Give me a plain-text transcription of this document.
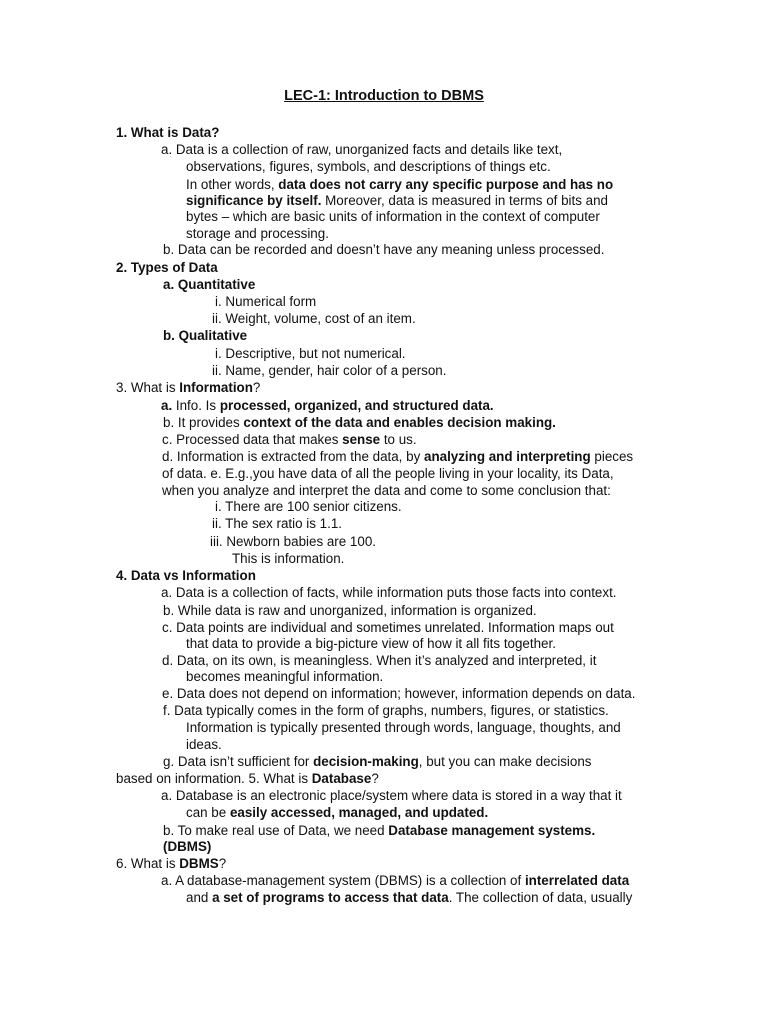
LEC-1: Introduction to DBMS
1. What is Data?
a. Data is a collection of raw, unorganized facts and details like text,
observations, figures, symbols, and descriptions of things etc.
In other words, data does not carry any specific purpose and has no
significance by itself. Moreover, data is measured in terms of bits and
bytes – which are basic units of information in the context of computer
storage and processing.
b. Data can be recorded and doesn’t have any meaning unless processed.
2. Types of Data
a. Quantitative
i. Numerical form
ii. Weight, volume, cost of an item.
b. Qualitative
i. Descriptive, but not numerical.
ii. Name, gender, hair color of a person.
3. What is Information?
a. Info. Is processed, organized, and structured data.
b. It provides context of the data and enables decision making.
c. Processed data that makes sense to us.
d. Information is extracted from the data, by analyzing and interpreting pieces
of data. e. E.g.,you have data of all the people living in your locality, its Data,
when you analyze and interpret the data and come to some conclusion that:
i. There are 100 senior citizens.
ii. The sex ratio is 1.1.
iii. Newborn babies are 100.
This is information.
4. Data vs Information
a. Data is a collection of facts, while information puts those facts into context.
b. While data is raw and unorganized, information is organized.
c. Data points are individual and sometimes unrelated. Information maps out
that data to provide a big-picture view of how it all fits together.
d. Data, on its own, is meaningless. When it’s analyzed and interpreted, it
becomes meaningful information.
e. Data does not depend on information; however, information depends on data.
f. Data typically comes in the form of graphs, numbers, figures, or statistics.
Information is typically presented through words, language, thoughts, and
ideas.
g. Data isn’t sufficient for decision-making, but you can make decisions
based on information. 5. What is Database?
a. Database is an electronic place/system where data is stored in a way that it
can be easily accessed, managed, and updated.
b. To make real use of Data, we need Database management systems.
(DBMS)
6. What is DBMS?
a. A database-management system (DBMS) is a collection of interrelated data
and a set of programs to access that data. The collection of data, usually
